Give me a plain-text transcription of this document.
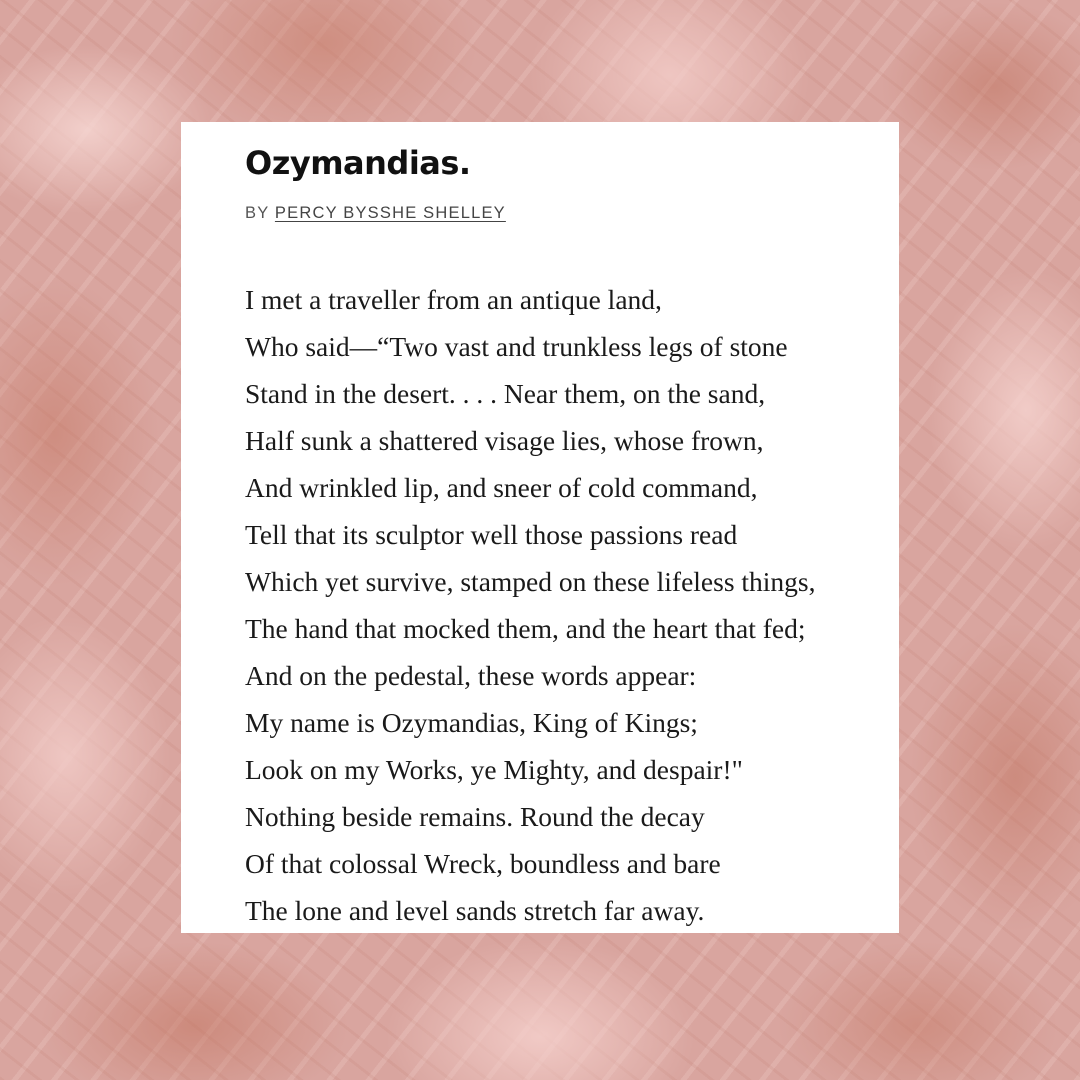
Ozymandias.
BY PERCY BYSSHE SHELLEY
I met a traveller from an antique land,
Who said—“Two vast and trunkless legs of stone
Stand in the desert. . . . Near them, on the sand,
Half sunk a shattered visage lies, whose frown,
And wrinkled lip, and sneer of cold command,
Tell that its sculptor well those passions read
Which yet survive, stamped on these lifeless things,
The hand that mocked them, and the heart that fed;
And on the pedestal, these words appear:
My name is Ozymandias, King of Kings;
Look on my Works, ye Mighty, and despair!"
Nothing beside remains. Round the decay
Of that colossal Wreck, boundless and bare
The lone and level sands stretch far away.
